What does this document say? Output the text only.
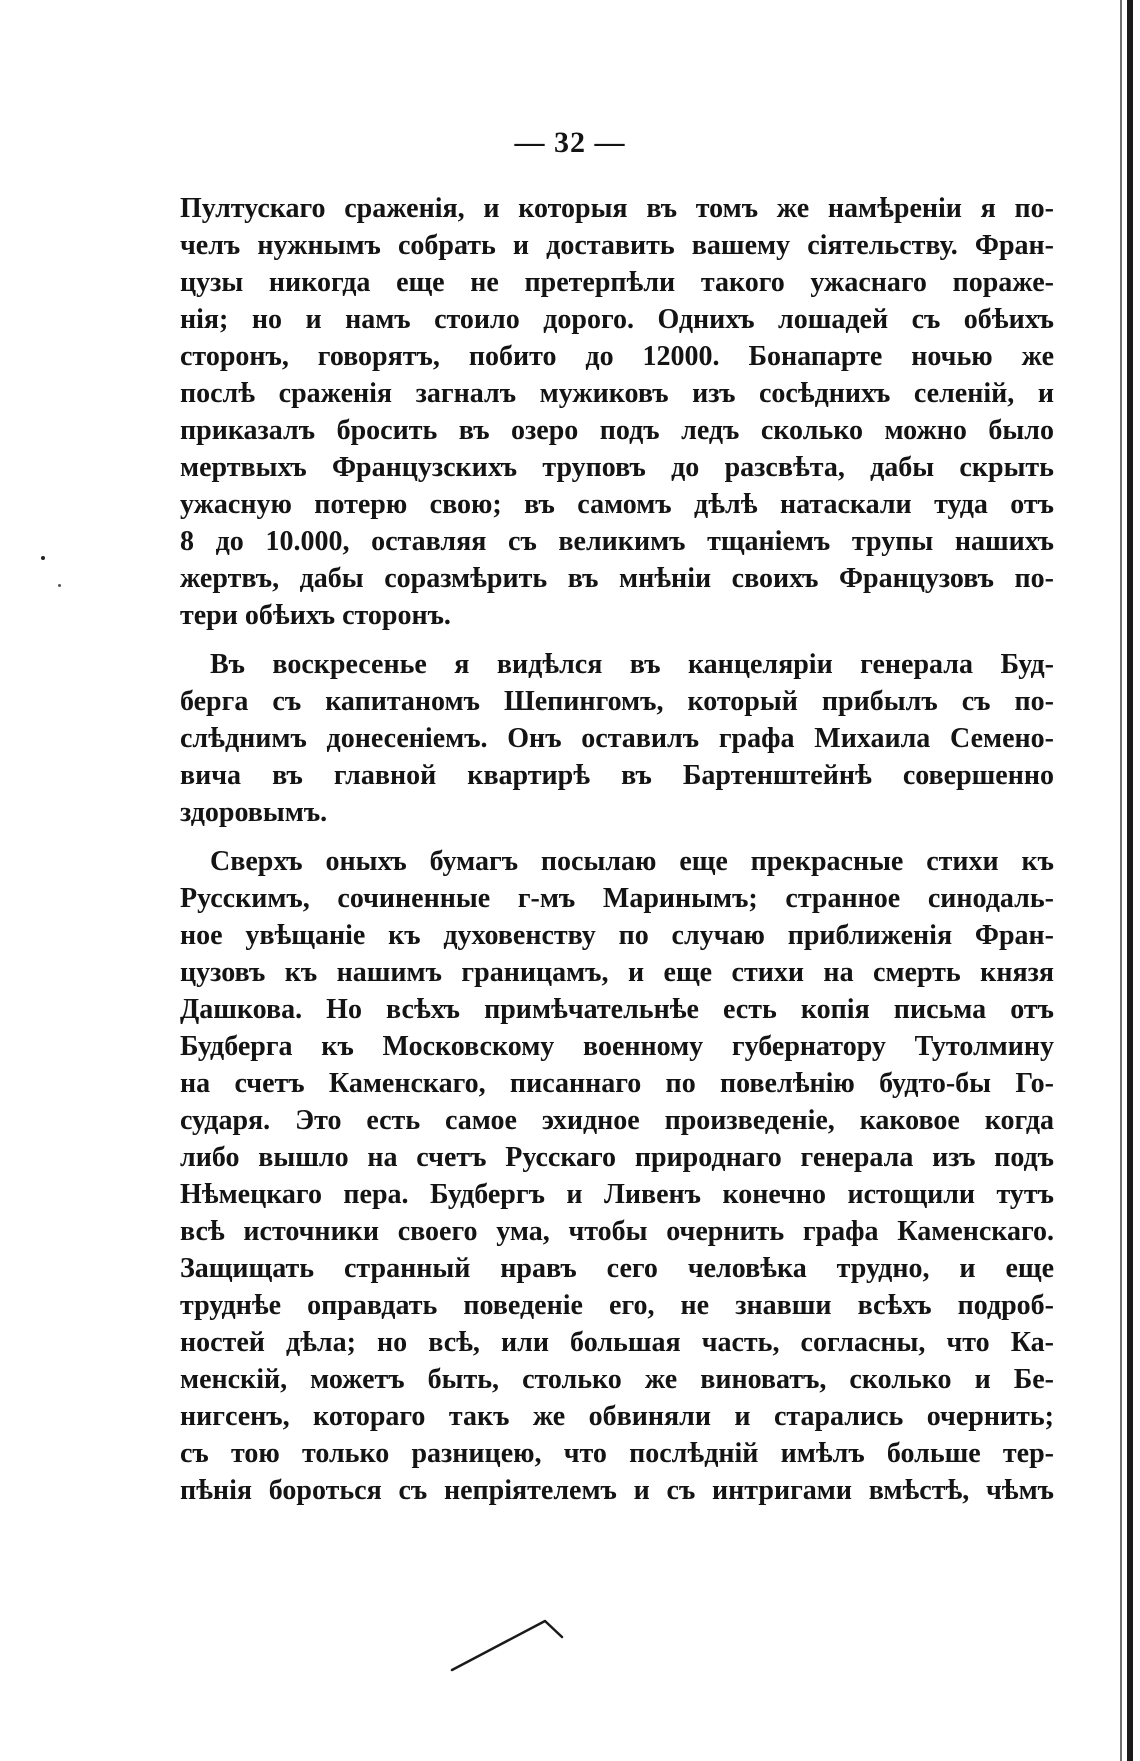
— 32 —
Пултускаго сраженія, и которыя въ томъ же намѣреніи я по-
челъ нужнымъ собрать и доставить вашему сіятельству. Фран-
цузы никогда еще не претерпѣли такого ужаснаго пораже-
нія; но и намъ стоило дорого. Однихъ лошадей съ обѣихъ
сторонъ, говорятъ, побито до 12000. Бонапарте ночью же
послѣ сраженія загналъ мужиковъ изъ сосѣднихъ селеній, и
приказалъ бросить въ озеро подъ ледъ сколько можно было
мертвыхъ Французскихъ труповъ до разсвѣта, дабы скрыть
ужасную потерю свою; въ самомъ дѣлѣ натаскали туда отъ
8 до 10.000, оставляя съ великимъ тщаніемъ трупы нашихъ
жертвъ, дабы соразмѣрить въ мнѣніи своихъ Французовъ по-
тери обѣихъ сторонъ.
Въ воскресенье я видѣлся въ канцеляріи генерала Буд-
берга съ капитаномъ Шепингомъ, который прибылъ съ по-
слѣднимъ донесеніемъ. Онъ оставилъ графа Михаила Семено-
вича въ главной квартирѣ въ Бартенштейнѣ совершенно
здоровымъ.
Сверхъ оныхъ бумагъ посылаю еще прекрасные стихи къ
Русскимъ, сочиненные г-мъ Маринымъ; странное синодаль-
ное увѣщаніе къ духовенству по случаю приближенія Фран-
цузовъ къ нашимъ границамъ, и еще стихи на смерть князя
Дашкова. Но всѣхъ примѣчательнѣе есть копія письма отъ
Будберга къ Московскому военному губернатору Тутолмину
на счетъ Каменскаго, писаннаго по повелѣнію будто-бы Го-
сударя. Это есть самое эхидное произведеніе, каковое когда
либо вышло на счетъ Русскаго природнаго генерала изъ подъ
Нѣмецкаго пера. Будбергъ и Ливенъ конечно истощили тутъ
всѣ источники своего ума, чтобы очернить графа Каменскаго.
Защищать странный нравъ сего человѣка трудно, и еще
труднѣе оправдать поведеніе его, не знавши всѣхъ подроб-
ностей дѣла; но всѣ, или большая часть, согласны, что Ка-
менскій, можетъ быть, столько же виноватъ, сколько и Бе-
нигсенъ, котораго такъ же обвиняли и старались очернить;
съ тою только разницею, что послѣдній имѣлъ больше тер-
пѣнія бороться съ непріятелемъ и съ интригами вмѣстѣ, чѣмъ
